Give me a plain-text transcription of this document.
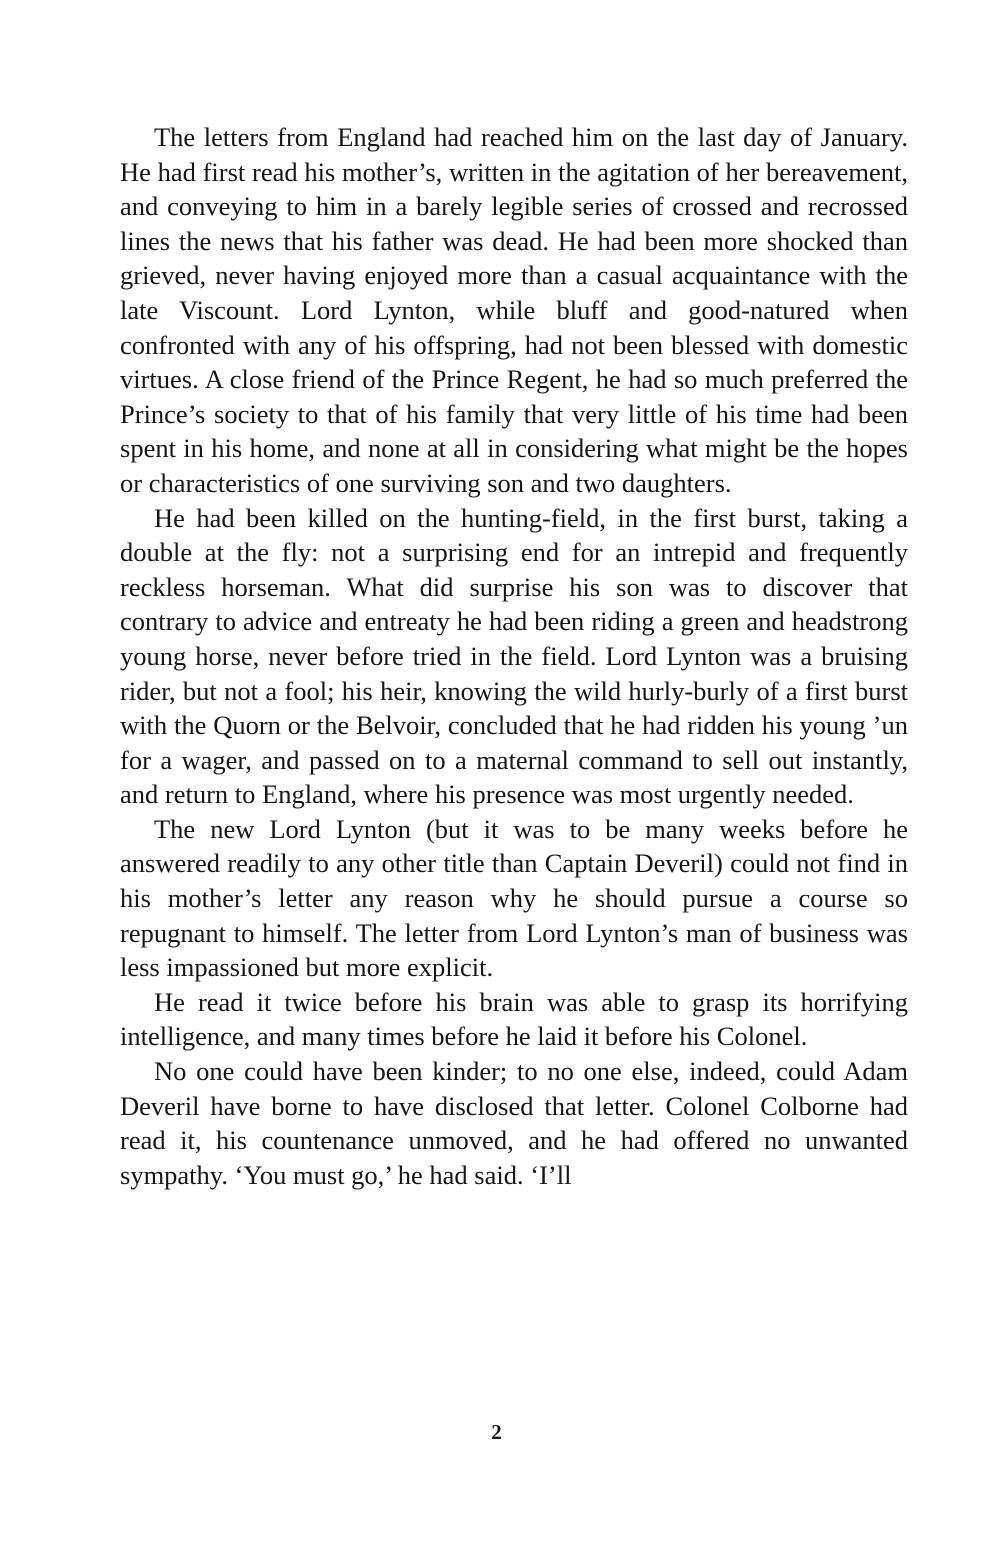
The letters from England had reached him on the last day of January. He had first read his mother’s, written in the agitation of her bereavement, and conveying to him in a barely legible series of crossed and recrossed lines the news that his father was dead. He had been more shocked than grieved, never having enjoyed more than a casual acquaintance with the late Viscount. Lord Lynton, while bluff and good-natured when confronted with any of his offspring, had not been blessed with domestic virtues. A close friend of the Prince Regent, he had so much preferred the Prince’s society to that of his family that very little of his time had been spent in his home, and none at all in considering what might be the hopes or characteristics of one surviving son and two daughters.

He had been killed on the hunting-field, in the first burst, taking a double at the fly: not a surprising end for an intrepid and frequently reckless horseman. What did surprise his son was to discover that contrary to advice and entreaty he had been riding a green and headstrong young horse, never before tried in the field. Lord Lynton was a bruising rider, but not a fool; his heir, knowing the wild hurly-burly of a first burst with the Quorn or the Belvoir, concluded that he had ridden his young ’un for a wager, and passed on to a maternal command to sell out instantly, and return to England, where his presence was most urgently needed.

The new Lord Lynton (but it was to be many weeks before he answered readily to any other title than Captain Deveril) could not find in his mother’s letter any reason why he should pursue a course so repugnant to himself. The letter from Lord Lynton’s man of business was less impassioned but more explicit.

He read it twice before his brain was able to grasp its horrifying intelligence, and many times before he laid it before his Colonel.

No one could have been kinder; to no one else, indeed, could Adam Deveril have borne to have disclosed that letter. Colonel Colborne had read it, his countenance unmoved, and he had offered no unwanted sympathy. ‘You must go,’ he had said. ‘I’ll

2
